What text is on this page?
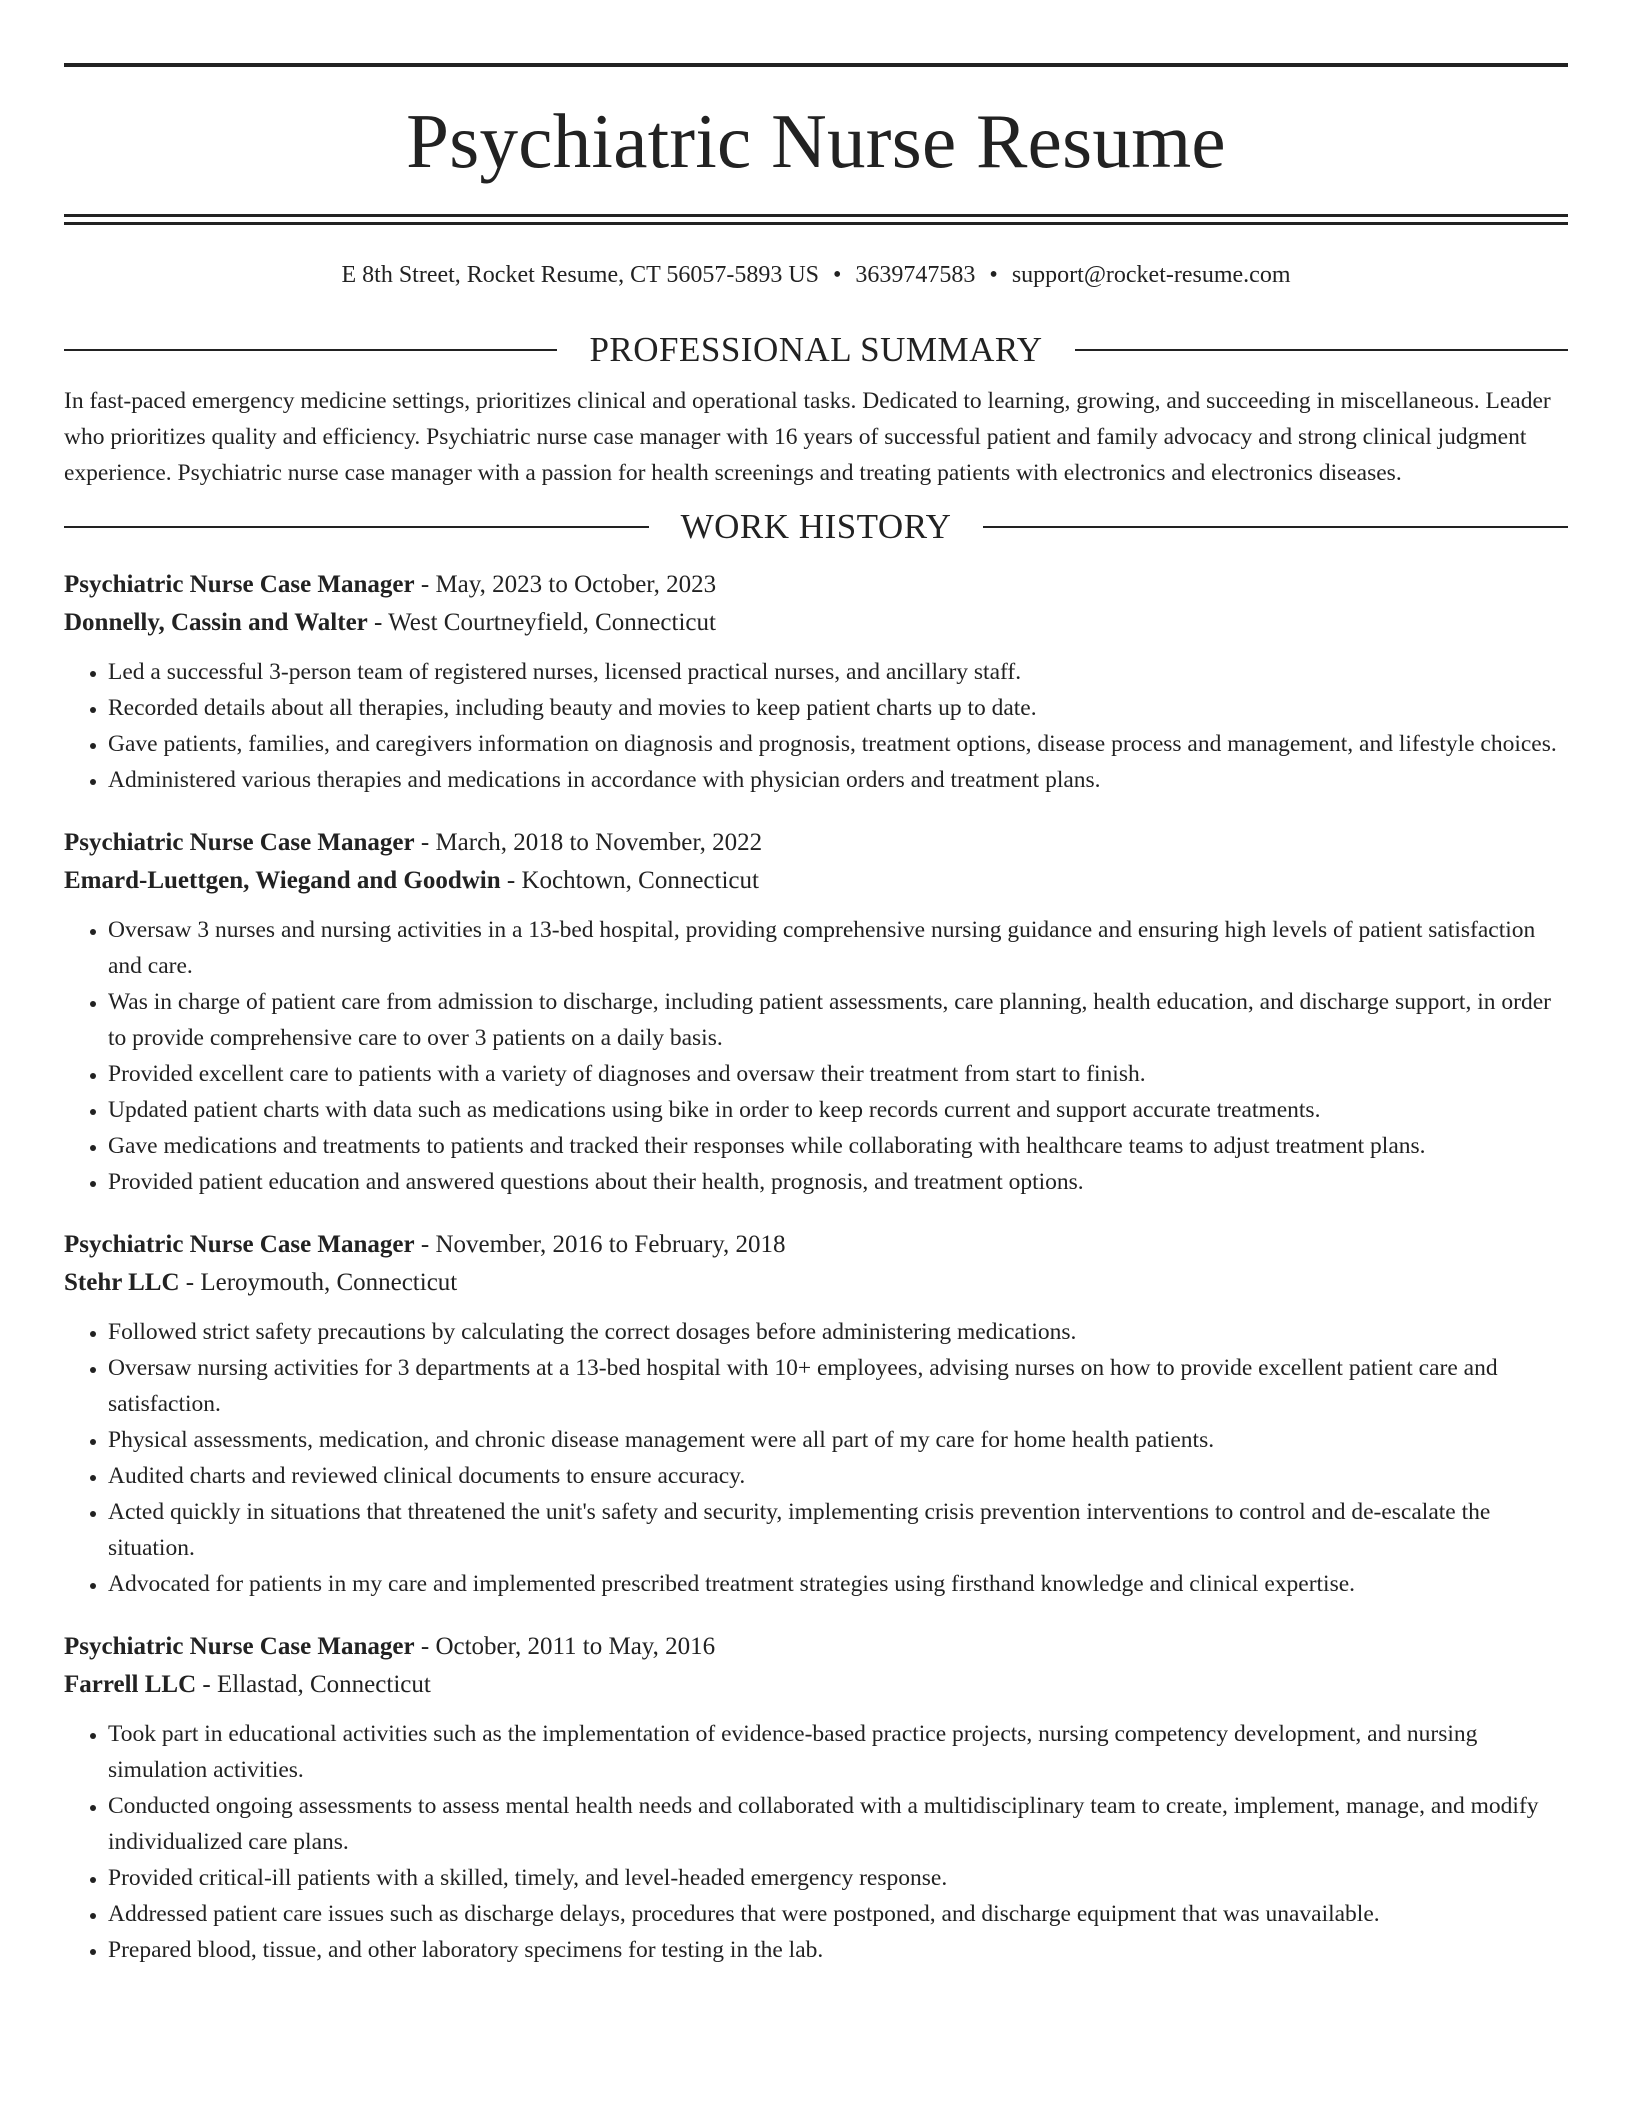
Psychiatric Nurse Resume
E 8th Street, Rocket Resume, CT 56057-5893 US • 3639747583 • support@rocket-resume.com
PROFESSIONAL SUMMARY

In fast-paced emergency medicine settings, prioritizes clinical and operational tasks. Dedicated to learning, growing, and succeeding in miscellaneous. Leader who prioritizes quality and efficiency. Psychiatric nurse case manager with 16 years of successful patient and family advocacy and strong clinical judgment experience. Psychiatric nurse case manager with a passion for health screenings and treating patients with electronics and electronics diseases.

WORK HISTORY
Psychiatric Nurse Case Manager - May, 2023 to October, 2023
Donnelly, Cassin and Walter - West Courtneyfield, Connecticut
• Led a successful 3-person team of registered nurses, licensed practical nurses, and ancillary staff.
• Recorded details about all therapies, including beauty and movies to keep patient charts up to date.
• Gave patients, families, and caregivers information on diagnosis and prognosis, treatment options, disease process and management, and lifestyle choices.
• Administered various therapies and medications in accordance with physician orders and treatment plans.
Psychiatric Nurse Case Manager - March, 2018 to November, 2022
Emard-Luettgen, Wiegand and Goodwin - Kochtown, Connecticut
• Oversaw 3 nurses and nursing activities in a 13-bed hospital, providing comprehensive nursing guidance and ensuring high levels of patient satisfaction and care.
• Was in charge of patient care from admission to discharge, including patient assessments, care planning, health education, and discharge support, in order to provide comprehensive care to over 3 patients on a daily basis.
• Provided excellent care to patients with a variety of diagnoses and oversaw their treatment from start to finish.
• Updated patient charts with data such as medications using bike in order to keep records current and support accurate treatments.
• Gave medications and treatments to patients and tracked their responses while collaborating with healthcare teams to adjust treatment plans.
• Provided patient education and answered questions about their health, prognosis, and treatment options.
Psychiatric Nurse Case Manager - November, 2016 to February, 2018
Stehr LLC - Leroymouth, Connecticut
• Followed strict safety precautions by calculating the correct dosages before administering medications.
• Oversaw nursing activities for 3 departments at a 13-bed hospital with 10+ employees, advising nurses on how to provide excellent patient care and satisfaction.
• Physical assessments, medication, and chronic disease management were all part of my care for home health patients.
• Audited charts and reviewed clinical documents to ensure accuracy.
• Acted quickly in situations that threatened the unit's safety and security, implementing crisis prevention interventions to control and de-escalate the situation.
• Advocated for patients in my care and implemented prescribed treatment strategies using firsthand knowledge and clinical expertise.
Psychiatric Nurse Case Manager - October, 2011 to May, 2016
Farrell LLC - Ellastad, Connecticut
• Took part in educational activities such as the implementation of evidence-based practice projects, nursing competency development, and nursing simulation activities.
• Conducted ongoing assessments to assess mental health needs and collaborated with a multidisciplinary team to create, implement, manage, and modify individualized care plans.
• Provided critical-ill patients with a skilled, timely, and level-headed emergency response.
• Addressed patient care issues such as discharge delays, procedures that were postponed, and discharge equipment that was unavailable.
• Prepared blood, tissue, and other laboratory specimens for testing in the lab.
